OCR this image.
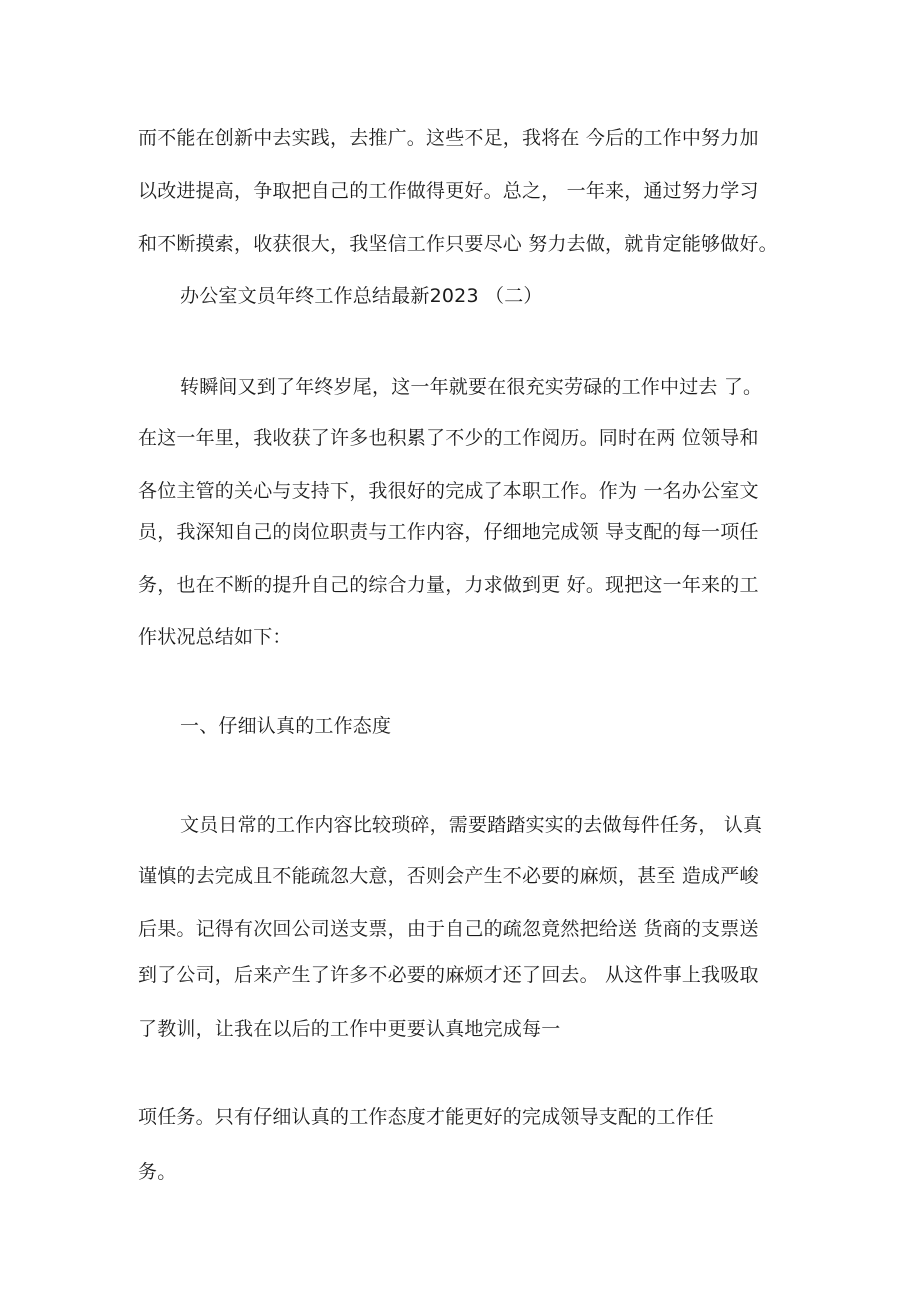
而不能在创新中去实践，去推广。这些不足，我将在 今后的工作中努力加
以改进提高，争取把自己的工作做得更好。总之， 一年来，通过努力学习
和不断摸索，收获很大，我坚信工作只要尽心 努力去做，就肯定能够做好。
办公室文员年终工作总结最新2023 （二）
转瞬间又到了年终岁尾，这一年就要在很充实劳碌的工作中过去 了。
在这一年里，我收获了许多也积累了不少的工作阅历。同时在两 位领导和
各位主管的关心与支持下，我很好的完成了本职工作。作为 一名办公室文
员，我深知自己的岗位职责与工作内容，仔细地完成领 导支配的每一项任
务，也在不断的提升自己的综合力量，力求做到更 好。现把这一年来的工
作状况总结如下：
一、仔细认真的工作态度
文员日常的工作内容比较琐碎，需要踏踏实实的去做每件任务， 认真
谨慎的去完成且不能疏忽大意，否则会产生不必要的麻烦，甚至 造成严峻
后果。记得有次回公司送支票，由于自己的疏忽竟然把给送 货商的支票送
到了公司，后来产生了许多不必要的麻烦才还了回去。 从这件事上我吸取
了教训，让我在以后的工作中更要认真地完成每一
项任务。只有仔细认真的工作态度才能更好的完成领导支配的工作任
务。
